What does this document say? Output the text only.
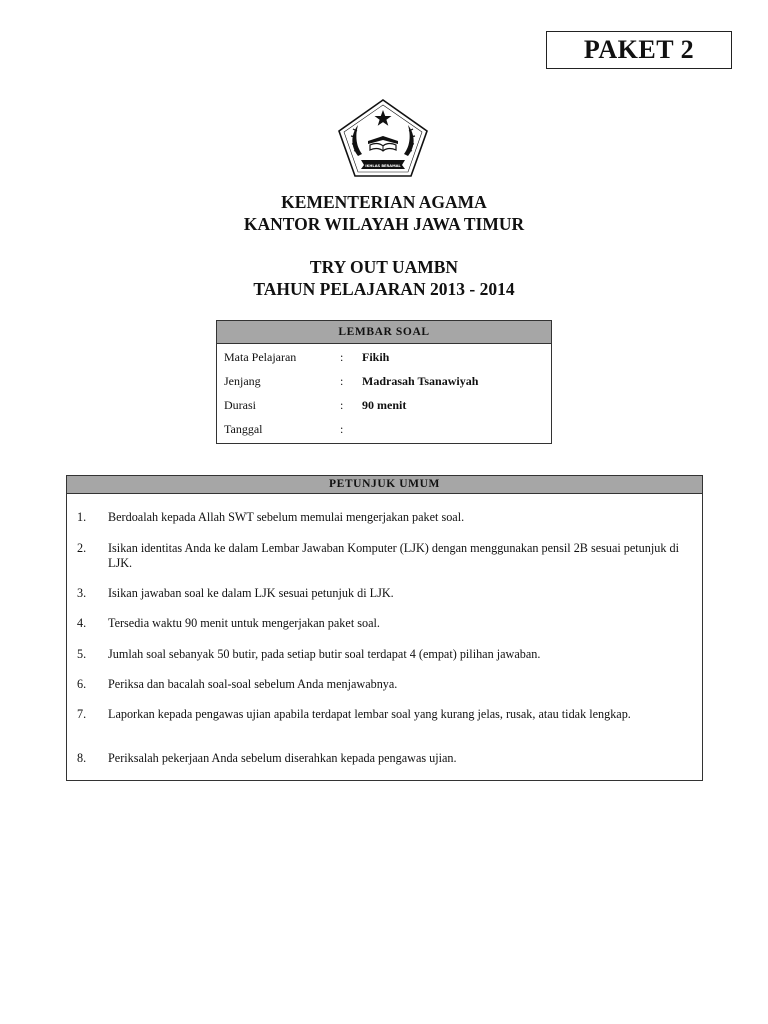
PAKET 2
IKHLAS BERAMAL
KEMENTERIAN AGAMA
KANTOR WILAYAH JAWA TIMUR
TRY OUT UAMBN
TAHUN PELAJARAN 2013 - 2014
LEMBAR SOAL
Mata Pelajaran	: Fikih
Jenjang	: Madrasah Tsanawiyah
Durasi	: 90 menit
Tanggal	:
PETUNJUK UMUM
1. Berdoalah kepada Allah SWT sebelum memulai mengerjakan paket soal.
2. Isikan identitas Anda ke dalam Lembar Jawaban Komputer (LJK) dengan menggunakan pensil 2B sesuai petunjuk di LJK.
3. Isikan jawaban soal ke dalam LJK sesuai petunjuk di LJK.
4. Tersedia waktu 90 menit untuk mengerjakan paket soal.
5. Jumlah soal sebanyak 50 butir, pada setiap butir soal terdapat 4 (empat) pilihan jawaban.
6. Periksa dan bacalah soal-soal sebelum Anda menjawabnya.
7. Laporkan kepada pengawas ujian apabila terdapat lembar soal yang kurang jelas, rusak, atau tidak lengkap.
8. Periksalah pekerjaan Anda sebelum diserahkan kepada pengawas ujian.
